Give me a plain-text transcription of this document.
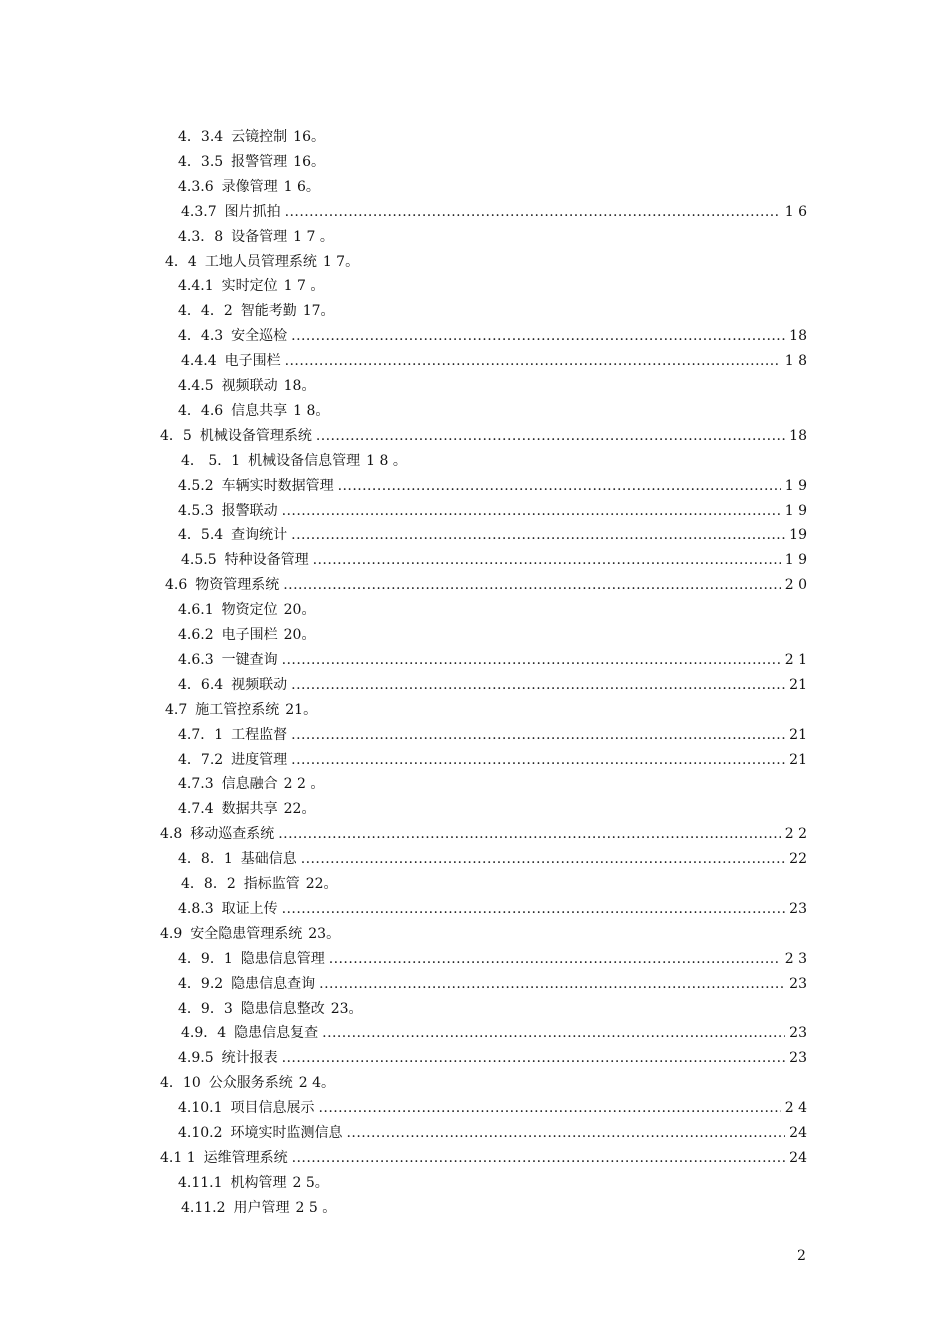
4．3.4 云镜控制 16。
4．3.5 报警管理 16。
4.3.6 录像管理 1 6。
4.3.7 图片抓拍 . . .	1 6
4.3．8 设备管理 1 7 。
4．4 工地人员管理系统 1 7。
4.4.1 实时定位 1 7 。
4．4．2 智能考勤 17。
4．4.3 安全巡检 . . .	18
4.4.4 电子围栏 . . .	1 8
4.4.5 视频联动 18。
4．4.6 信息共享 1 8。
4．5 机械设备管理系统 . . .	18
4． 5．1 机械设备信息管理 1 8 。
4.5.2 车辆实时数据管理 . . .	1 9
4.5.3 报警联动 . . .	1 9
4．5.4 查询统计 . . .	19
4.5.5 特种设备管理 . . .	1 9
4.6 物资管理系统 . . .	2 0
4.6.1 物资定位 20。
4.6.2 电子围栏 20。
4.6.3 一键查询 . . .	2 1
4．6.4 视频联动 . . .	21
4.7 施工管控系统 21。
4.7．1 工程监督 . . .	21
4．7.2 进度管理 . . .	21
4.7.3 信息融合 2 2 。
4.7.4 数据共享 22。
4.8 移动巡查系统 . . .	2 2
4．8．1 基础信息 . . .	22
4．8．2 指标监管 22。
4.8.3 取证上传 . . .	23
4.9 安全隐患管理系统 23。
4．9．1 隐患信息管理 . . .	2 3
4．9.2 隐患信息查询 . . .	23
4．9．3 隐患信息整改 23。
4.9．4 隐患信息复查 . . .	23
4.9.5 统计报表 . . .	23
4．10 公众服务系统 2 4。
4.10.1 项目信息展示 . . .	2 4
4.10.2 环境实时监测信息 . . .	24
4.1 1 运维管理系统 . . .	24
4.11.1 机构管理 2 5。
4.11.2 用户管理 2 5 。
2
